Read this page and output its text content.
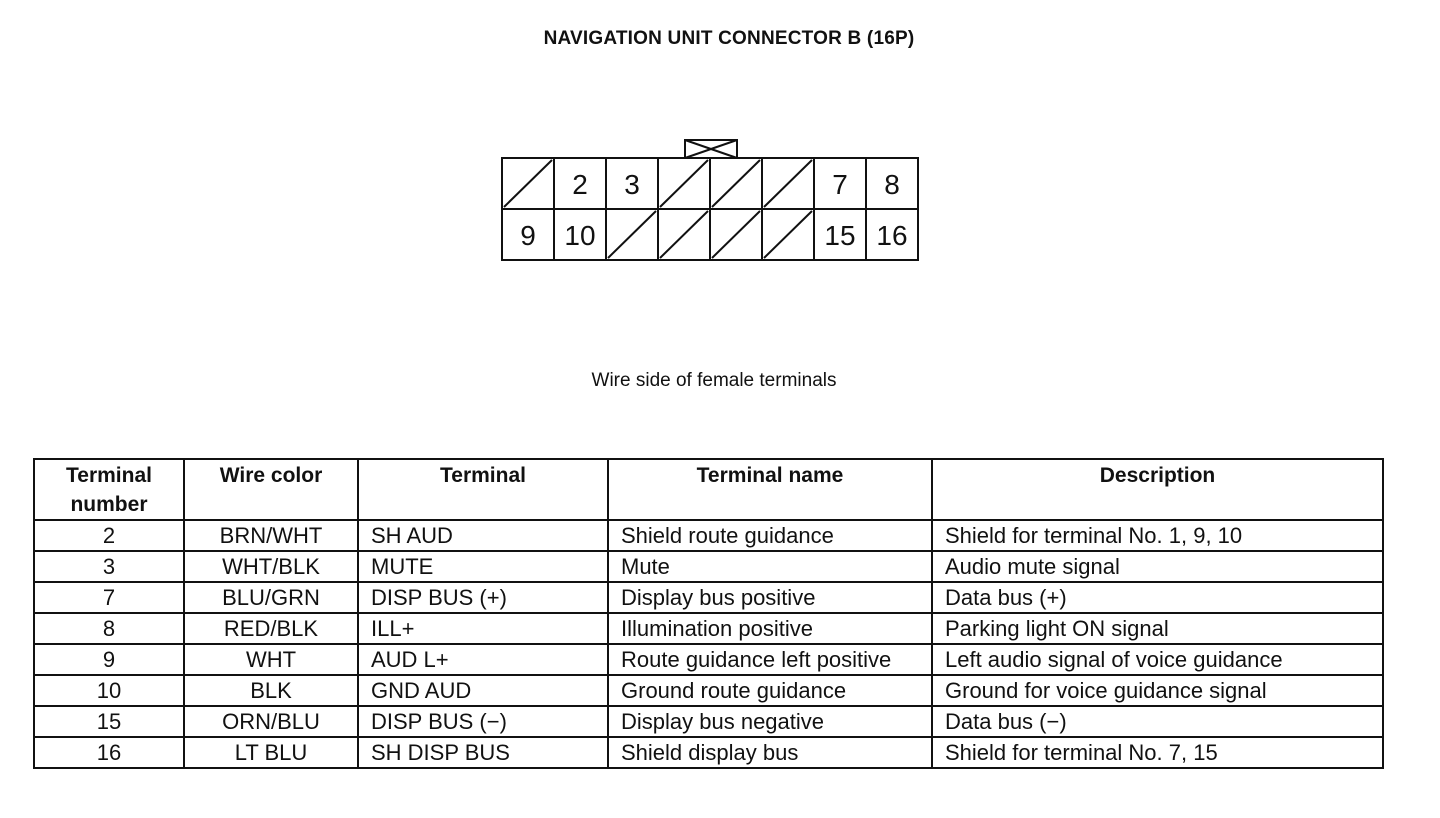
NAVIGATION UNIT CONNECTOR B (16P)
2 3	7 8
9 10	15 16
Wire side of female terminals
Terminal number	Wire color	Terminal	Terminal name	Description
2	BRN/WHT	SH AUD	Shield route guidance	Shield for terminal No. 1, 9, 10
3	WHT/BLK	MUTE	Mute	Audio mute signal
7	BLU/GRN	DISP BUS (+)	Display bus positive	Data bus (+)
8	RED/BLK	ILL+	Illumination positive	Parking light ON signal
9	WHT	AUD L+	Route guidance left positive	Left audio signal of voice guidance
10	BLK	GND AUD	Ground route guidance	Ground for voice guidance signal
15	ORN/BLU	DISP BUS (−)	Display bus negative	Data bus (−)
16	LT BLU	SH DISP BUS	Shield display bus	Shield for terminal No. 7, 15
